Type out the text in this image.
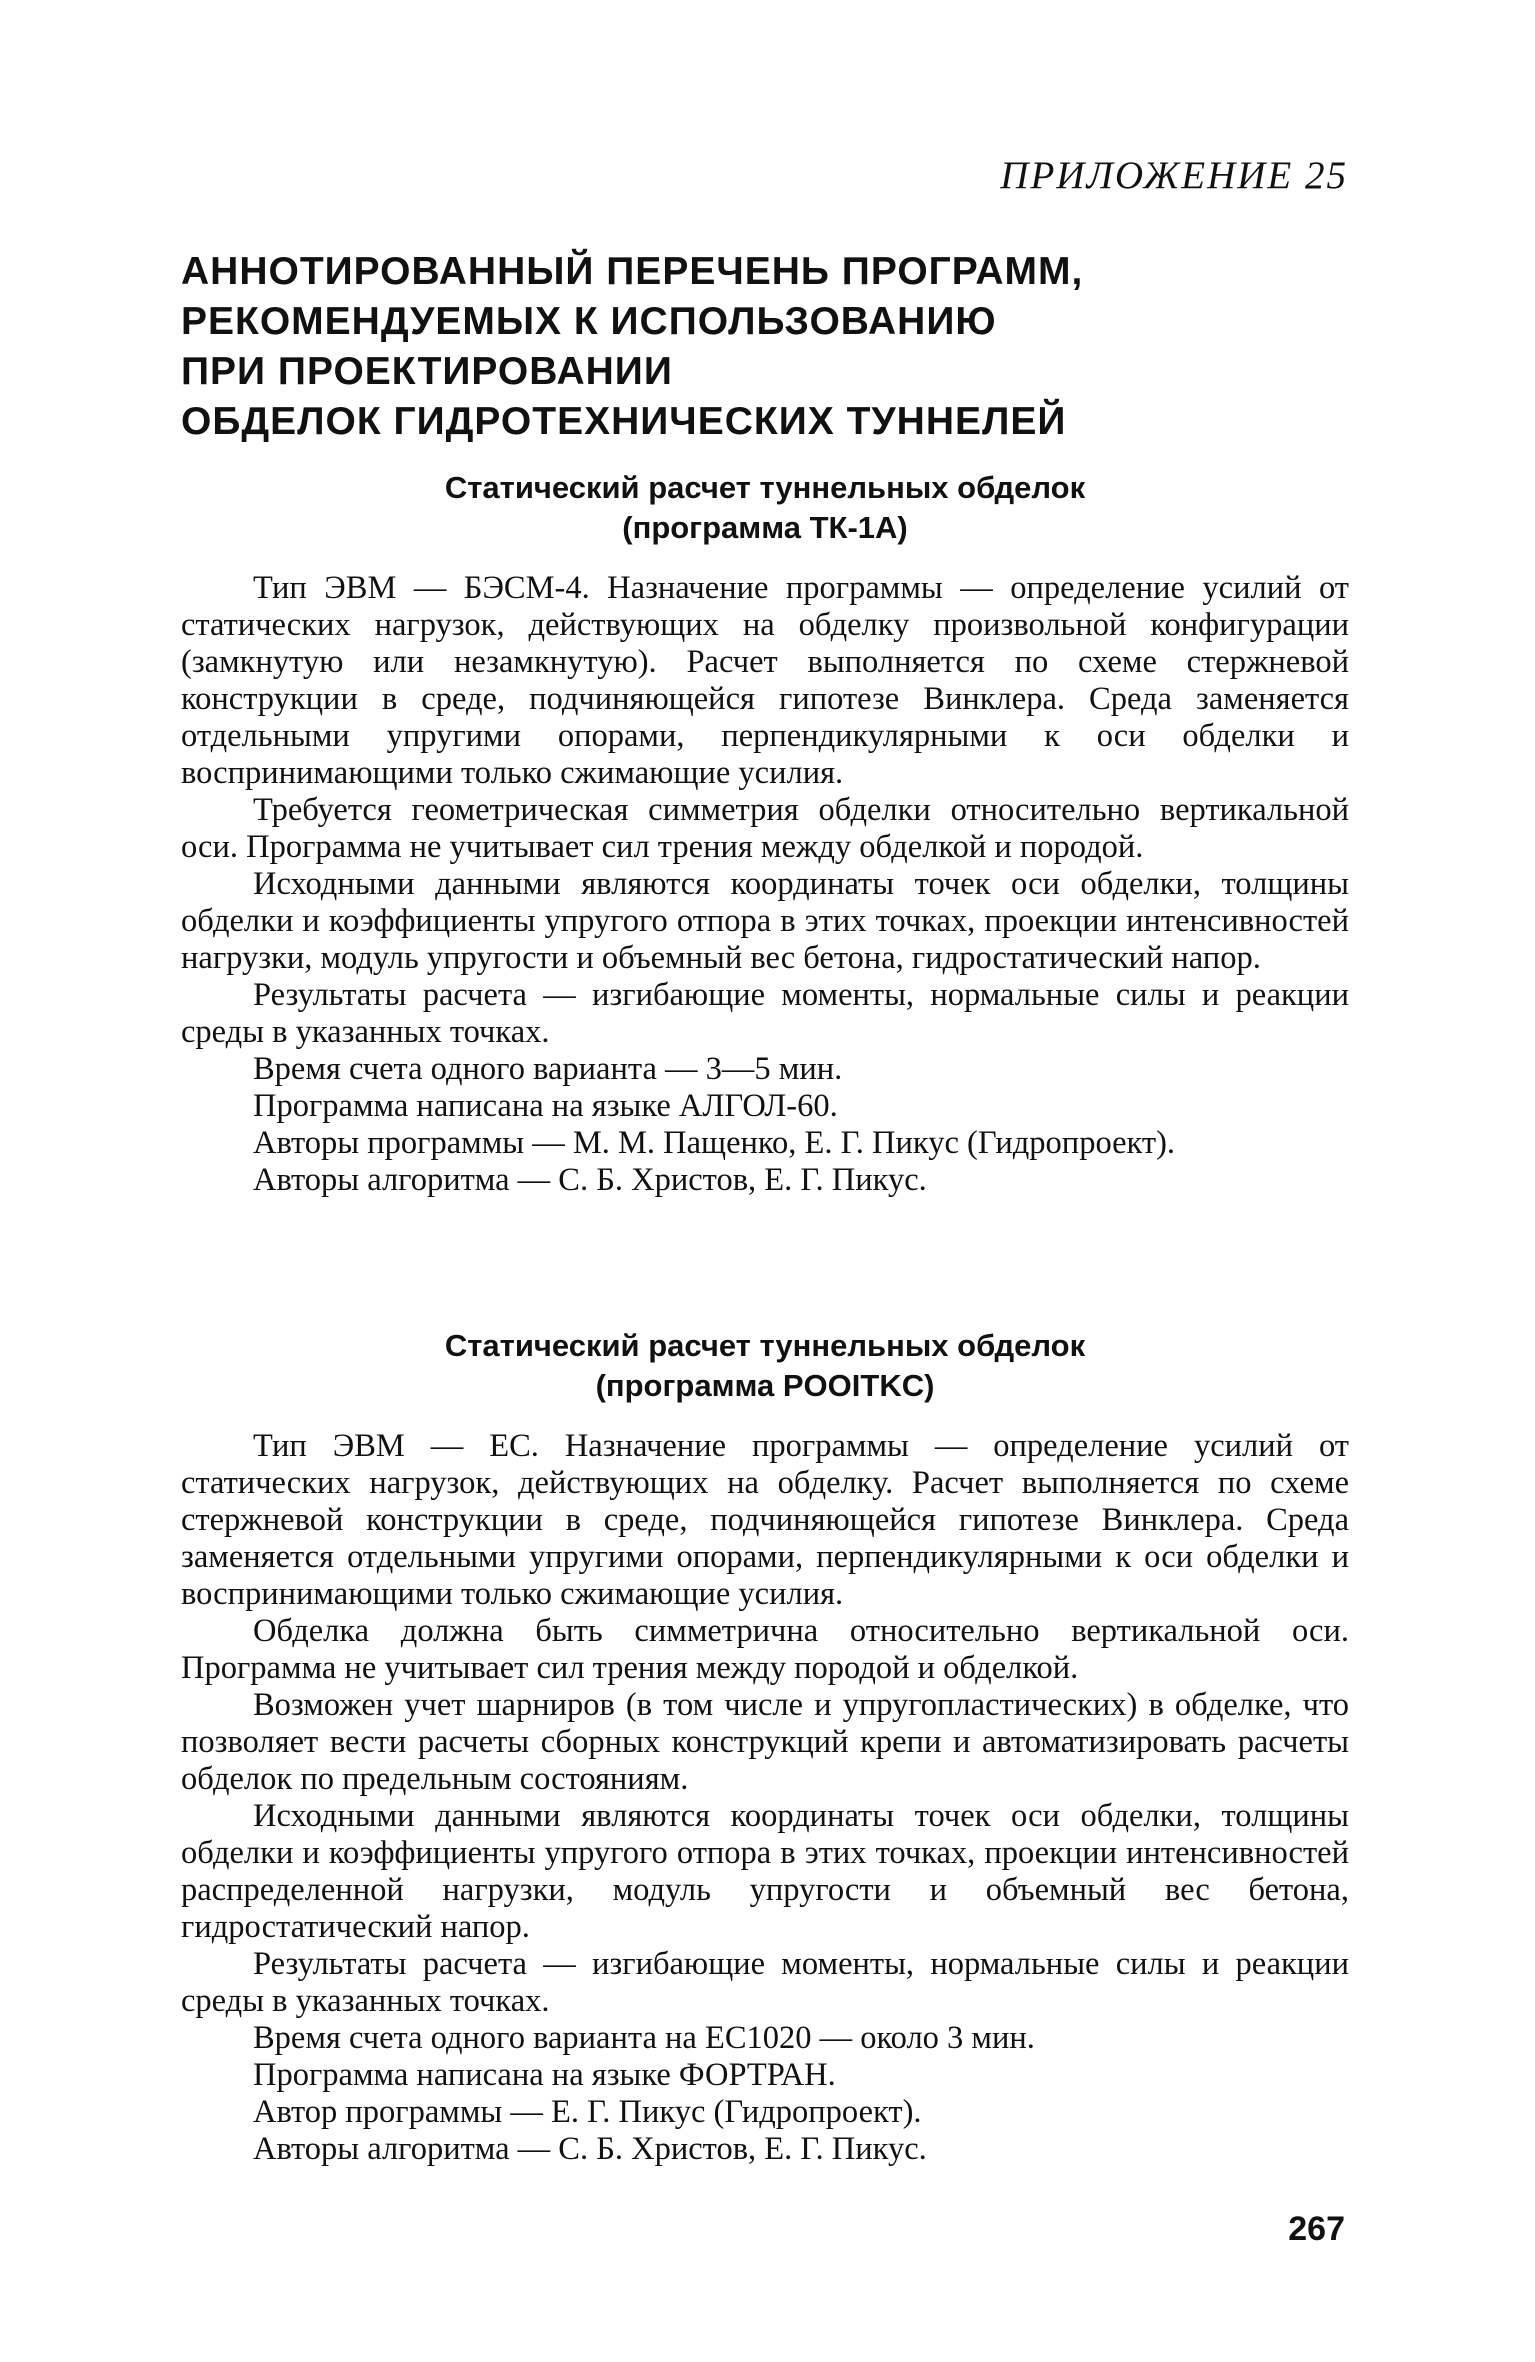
ПРИЛОЖЕНИЕ 25
АННОТИРОВАННЫЙ ПЕРЕЧЕНЬ ПРОГРАММ,
РЕКОМЕНДУЕМЫХ К ИСПОЛЬЗОВАНИЮ
ПРИ ПРОЕКТИРОВАНИИ
ОБДЕЛОК ГИДРОТЕХНИЧЕСКИХ ТУННЕЛЕЙ
Статический расчет туннельных обделок
(программа ТК-1А)

Тип ЭВМ — БЭСМ-4. Назначение программы — определение усилий от статических нагрузок, действующих на обделку произвольной конфигурации (замкнутую или незамкнутую). Расчет выполняется по схеме стержневой конструкции в среде, подчиняющейся гипотезе Винклера. Среда заменяется отдельными упругими опорами, перпендикулярными к оси обделки и воспринимающими только сжимающие усилия.

Требуется геометрическая симметрия обделки относительно вертикальной оси. Программа не учитывает сил трения между обделкой и породой.

Исходными данными являются координаты точек оси обделки, толщины обделки и коэффициенты упругого отпора в этих точках, проекции интенсивностей нагрузки, модуль упругости и объемный вес бетона, гидростатический напор.

Результаты расчета — изгибающие моменты, нормальные силы и реакции среды в указанных точках.

Время счета одного варианта — 3—5 мин.

Программа написана на языке АЛГОЛ-60.

Авторы программы — М. М. Пащенко, Е. Г. Пикус (Гидропроект).

Авторы алгоритма — С. Б. Христов, Е. Г. Пикус.

Статический расчет туннельных обделок
(программа POOITKC)

Тип ЭВМ — ЕС. Назначение программы — определение усилий от статических нагрузок, действующих на обделку. Расчет выполняется по схеме стержневой конструкции в среде, подчиняющейся гипотезе Винклера. Среда заменяется отдельными упругими опорами, перпендикулярными к оси обделки и воспринимающими только сжимающие усилия.

Обделка должна быть симметрична относительно вертикальной оси. Программа не учитывает сил трения между породой и обделкой.

Возможен учет шарниров (в том числе и упругопластических) в обделке, что позволяет вести расчеты сборных конструкций крепи и автоматизировать расчеты обделок по предельным состояниям.

Исходными данными являются координаты точек оси обделки, толщины обделки и коэффициенты упругого отпора в этих точках, проекции интенсивностей распределенной нагрузки, модуль упругости и объемный вес бетона, гидростатический напор.

Результаты расчета — изгибающие моменты, нормальные силы и реакции среды в указанных точках.

Время счета одного варианта на ЕС1020 — около 3 мин.

Программа написана на языке ФОРТРАН.

Автор программы — Е. Г. Пикус (Гидропроект).

Авторы алгоритма — С. Б. Христов, Е. Г. Пикус.

267
